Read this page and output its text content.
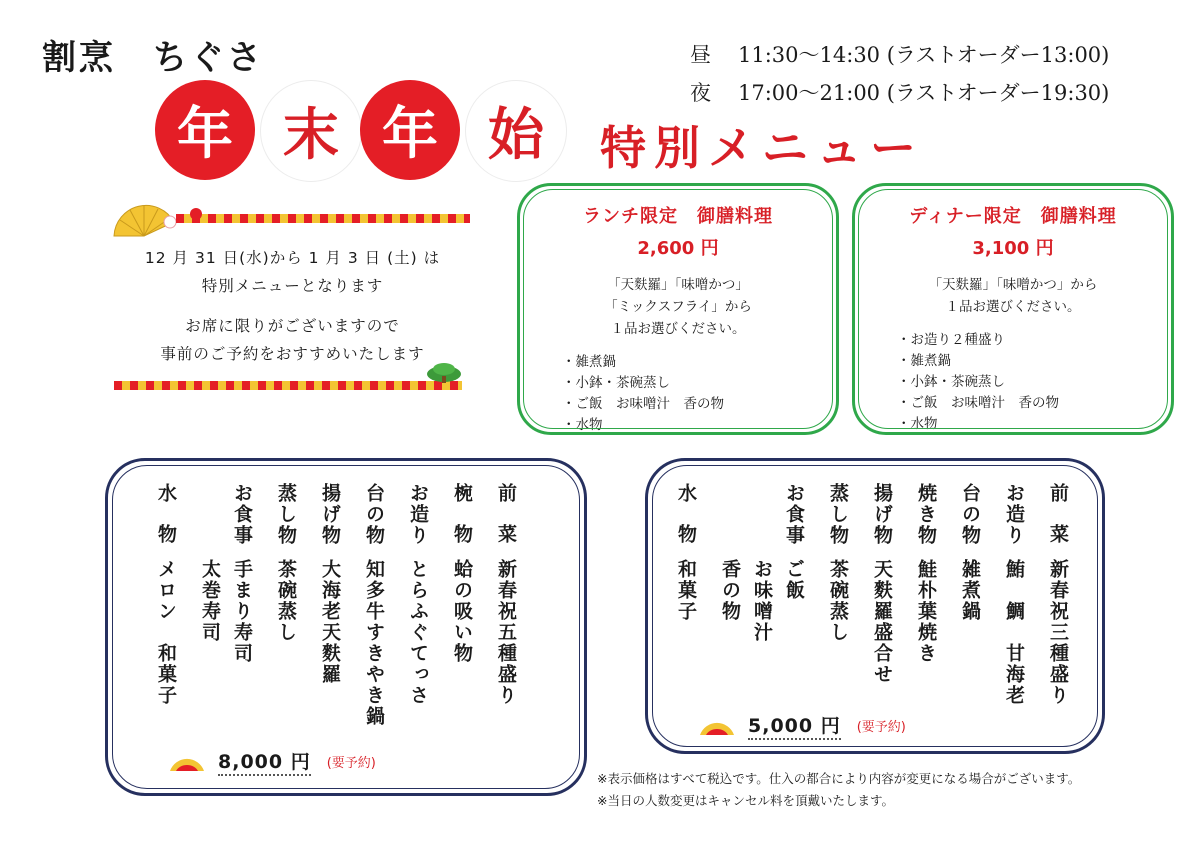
割烹　ちぐさ	昼 11:30〜14:30 (ラストオーダー13:00)
夜 17:00〜21:00 (ラストオーダー19:30)
年 末 年 始	特別メニュー

12 月 31 日(水)から 1 月 3 日 (土) は

特別メニューとなります

お席に限りがございますので

事前のご予約をおすすめいたします

ランチ限定　御膳料理
2,600 円

「天麩羅」「味噌かつ」

「ミックスフライ」から

１品お選びください。

・雑煮鍋

・小鉢・茶碗蒸し

・ご飯　お味噌汁　香の物

・水物

ディナー限定　御膳料理
3,100 円

「天麩羅」「味噌かつ」から

１品お選びください。

・お造り２種盛り

・雑煮鍋

・小鉢・茶碗蒸し

・ご飯　お味噌汁　香の物

・水物

前菜

新春祝五種盛り

椀物

蛤の吸い物

お造り

とらふぐてっさ

台の物

知多牛すきやき鍋

揚げ物

大海老天麩羅

蒸し物

茶碗蒸し

お食事

手まり寿司

太巻寿司

水物

メロン　和菓子

8,000 円 (要予約)

前菜

新春祝三種盛り

お造り

鮪　鯛　甘海老

台の物

雑煮鍋

焼き物

鮭朴葉焼き

揚げ物

天麩羅盛合せ

蒸し物

茶碗蒸し

お食事

ご飯

お味噌汁

香の物

水物

和菓子

5,000 円 (要予約)

※表示価格はすべて税込です。仕入の都合により内容が変更になる場合がございます。

※当日の人数変更はキャンセル料を頂戴いたします。
